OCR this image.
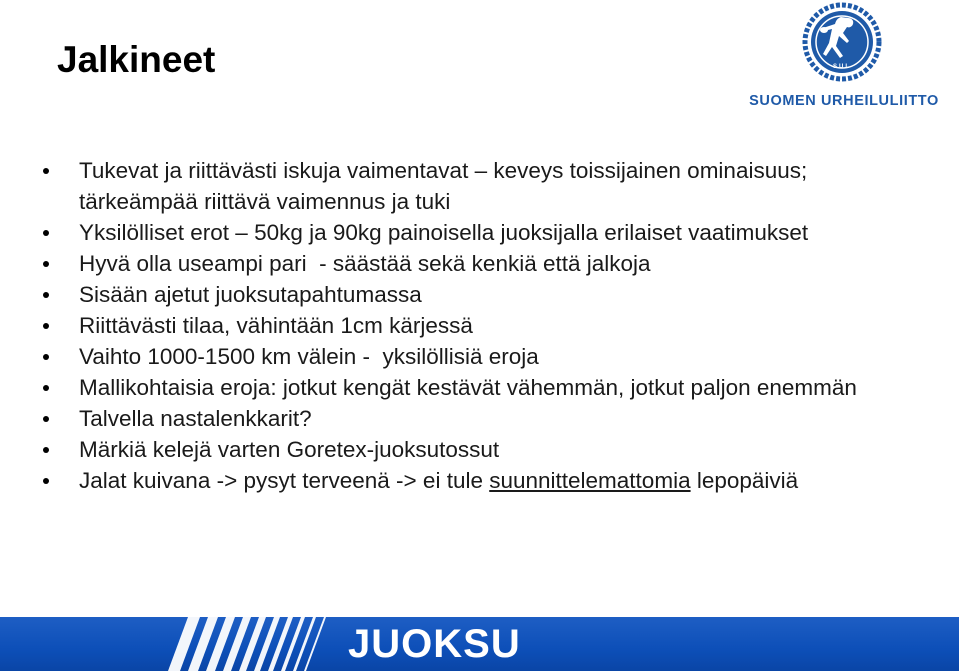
Jalkineet	SUL
SUOMEN URHEILULIITTO
Tukevat ja riittävästi iskuja vaimentavat – keveys toissijainen ominaisuus; tärkeämpää riittävä vaimennus ja tuki
Yksilölliset erot – 50kg ja 90kg painoisella juoksijalla erilaiset vaatimukset
Hyvä olla useampi pari  - säästää sekä kenkiä että jalkoja
Sisään ajetut juoksutapahtumassa
Riittävästi tilaa, vähintään 1cm kärjessä
Vaihto 1000-1500 km välein -  yksilöllisiä eroja
Mallikohtaisia eroja: jotkut kengät kestävät vähemmän, jotkut paljon enemmän
Talvella nastalenkkarit?
Märkiä kelejä varten Goretex-juoksutossut
Jalat kuivana -> pysyt terveenä -> ei tule suunnittelemattomia lepopäiviä
JUOKSU
